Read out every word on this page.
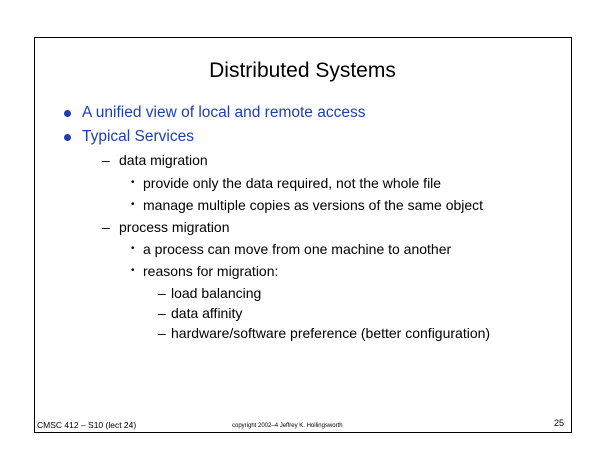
Distributed Systems

A unified view of local and remote access

Typical Services

– data migration

• provide only the data required, not the whole file

• manage multiple copies as versions of the same object

– process migration

• a process can move from one machine to another

• reasons for migration:

– load balancing

– data affinity

– hardware/software preference (better configuration)

CMSC 412 – S10 (lect 24)	copyright 2002–4 Jeffrey K. Hollingsworth	25
